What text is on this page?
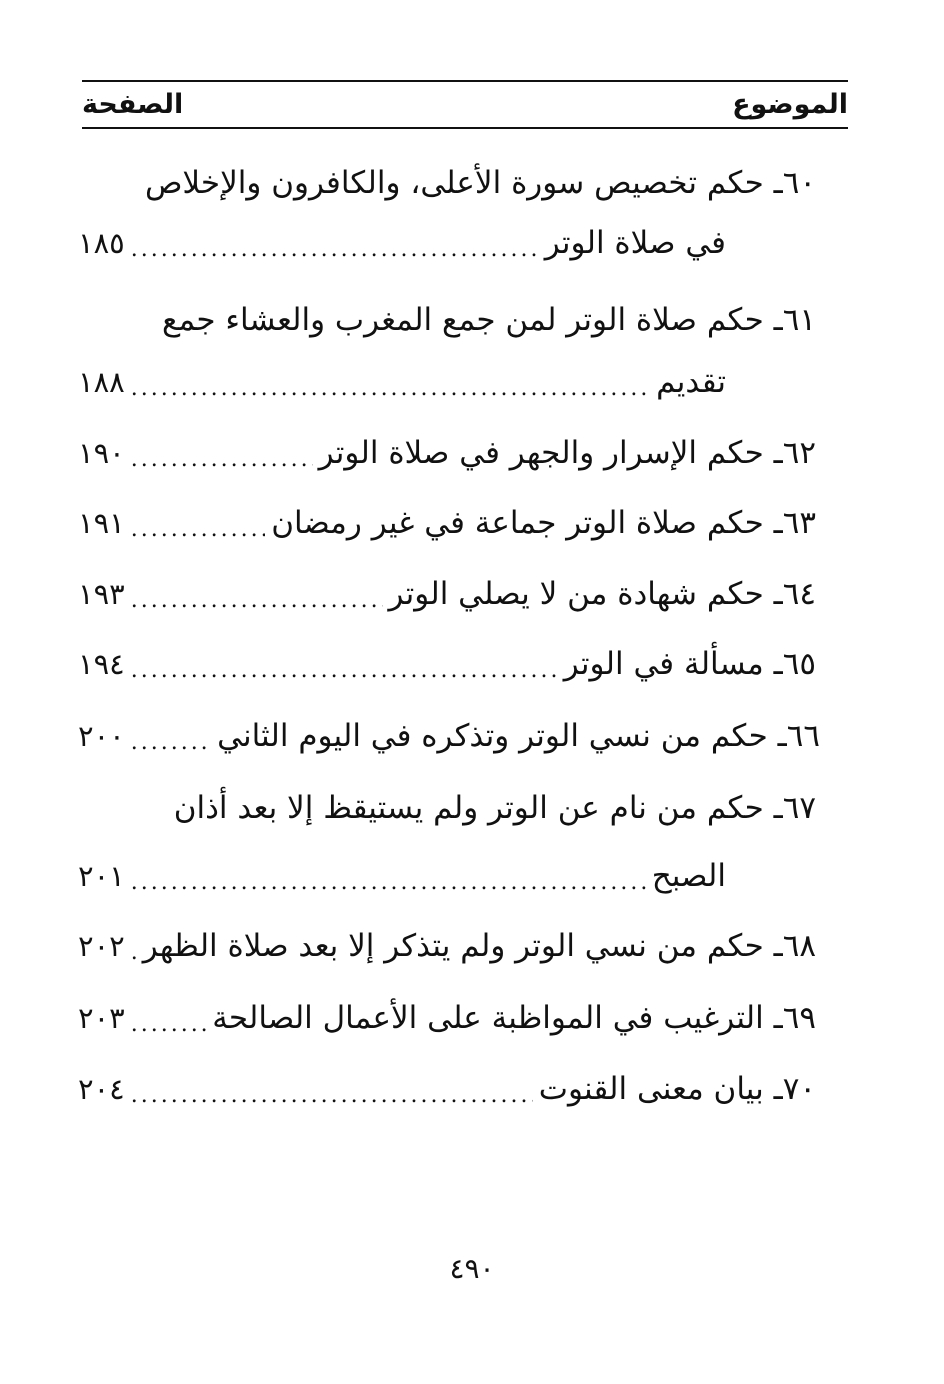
الموضوع
الصفحة
٦٠
ـ حكم تخصيص سورة الأعلى، والكافرون والإخلاص
في صلاة الوتر
.....
١٨٥
٦١
ـ حكم صلاة الوتر لمن جمع المغرب والعشاء جمع
تقديم
.....
١٨٨
٦٢
ـ حكم الإسرار والجهر في صلاة الوتر
.....
١٩٠
٦٣
ـ حكم صلاة الوتر جماعة في غير رمضان
.....
١٩١
٦٤
ـ حكم شهادة من لا يصلي الوتر
.....
١٩٣
٦٥
ـ مسألة في الوتر
.....
١٩٤
٦٦
ـ حكم من نسي الوتر وتذكره في اليوم الثاني
.....
٢٠٠
٦٧
ـ حكم من نام عن الوتر ولم يستيقظ إلا بعد أذان
الصبح
.....
٢٠١
٦٨
ـ حكم من نسي الوتر ولم يتذكر إلا بعد صلاة الظهر
.....
٢٠٢
٦٩
ـ الترغيب في المواظبة على الأعمال الصالحة
.....
٢٠٣
٧٠
ـ بيان معنى القنوت
.....
٢٠٤
٤٩٠
